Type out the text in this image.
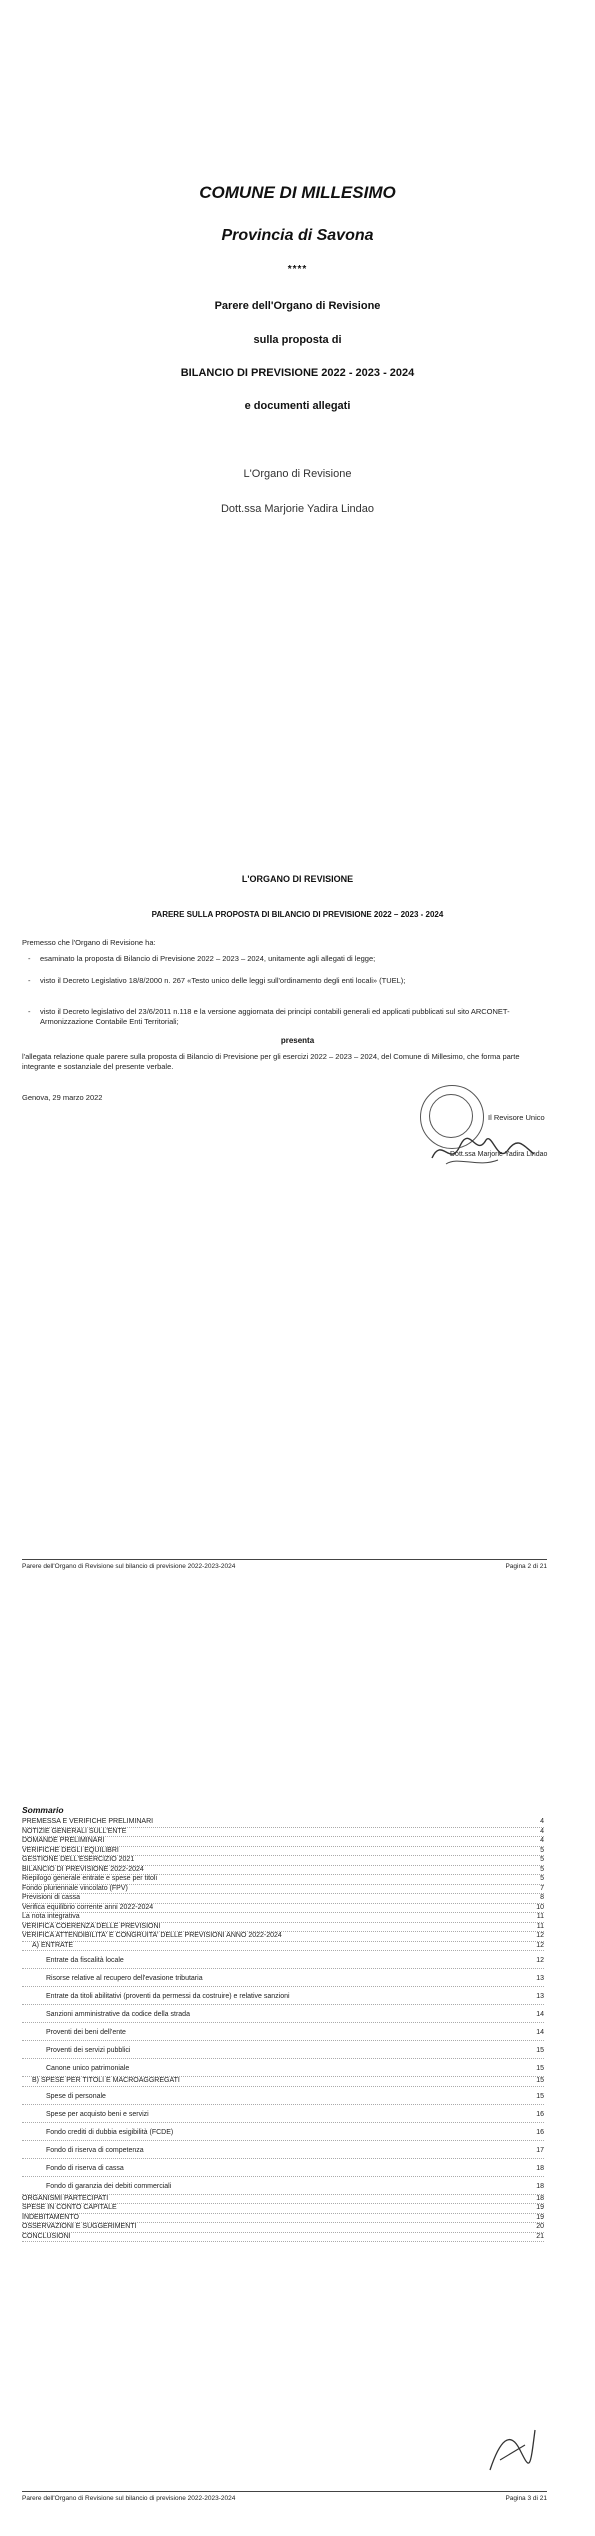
COMUNE DI MILLESIMO
Provincia di Savona
****
Parere dell'Organo di Revisione
sulla proposta di
BILANCIO DI PREVISIONE 2022 - 2023 - 2024
e documenti allegati
L'Organo di Revisione
Dott.ssa Marjorie Yadira Lindao
L'ORGANO DI REVISIONE
PARERE SULLA PROPOSTA DI BILANCIO DI PREVISIONE 2022 – 2023 - 2024
Premesso che l'Organo di Revisione ha:
- esaminato la proposta di Bilancio di Previsione 2022 – 2023 – 2024, unitamente agli allegati di legge;
- visto il Decreto Legislativo 18/8/2000 n. 267 «Testo unico delle leggi sull'ordinamento degli enti locali» (TUEL);
- visto il Decreto legislativo del 23/6/2011 n.118 e la versione aggiornata dei principi contabili generali ed applicati pubblicati sul sito ARCONET- Armonizzazione Contabile Enti Territoriali;
presenta
l'allegata relazione quale parere sulla proposta di Bilancio di Previsione per gli esercizi 2022 – 2023 – 2024, del Comune di Millesimo, che forma parte integrante e sostanziale del presente verbale.
Genova, 29 marzo 2022
Il Revisore Unico
Dott.ssa Marjorie Yadira Lindao
Parere dell'Organo di Revisione sul bilancio di previsione 2022-2023-2024	Pagina 2 di 21
Sommario
PREMESSA E VERIFICHE PRELIMINARI	4
NOTIZIE GENERALI SULL'ENTE	4
DOMANDE PRELIMINARI	4
VERIFICHE DEGLI EQUILIBRI	5
GESTIONE DELL'ESERCIZIO 2021	5
BILANCIO DI PREVISIONE 2022-2024	5
Riepilogo generale entrate e spese per titoli	5
Fondo pluriennale vincolato (FPV)	7
Previsioni di cassa	8
Verifica equilibrio corrente anni 2022-2024	10
La nota integrativa	11
VERIFICA COERENZA DELLE PREVISIONI	11
VERIFICA ATTENDIBILITA' E CONGRUITA' DELLE PREVISIONI ANNO 2022-2024	12
A) ENTRATE	12
Entrate da fiscalità locale	12
Risorse relative al recupero dell'evasione tributaria	13
Entrate da titoli abilitativi (proventi da permessi da costruire) e relative sanzioni	13
Sanzioni amministrative da codice della strada	14
Proventi dei beni dell'ente	14
Proventi dei servizi pubblici	15
Canone unico patrimoniale	15
B) SPESE PER TITOLI E MACROAGGREGATI	15
Spese di personale	15
Spese per acquisto beni e servizi	16
Fondo crediti di dubbia esigibilità (FCDE)	16
Fondo di riserva di competenza	17
Fondo di riserva di cassa	18
Fondo di garanzia dei debiti commerciali	18
ORGANISMI PARTECIPATI	18
SPESE IN CONTO CAPITALE	19
INDEBITAMENTO	19
OSSERVAZIONI E SUGGERIMENTI	20
CONCLUSIONI	21
Parere dell'Organo di Revisione sul bilancio di previsione 2022-2023-2024	Pagina 3 di 21
